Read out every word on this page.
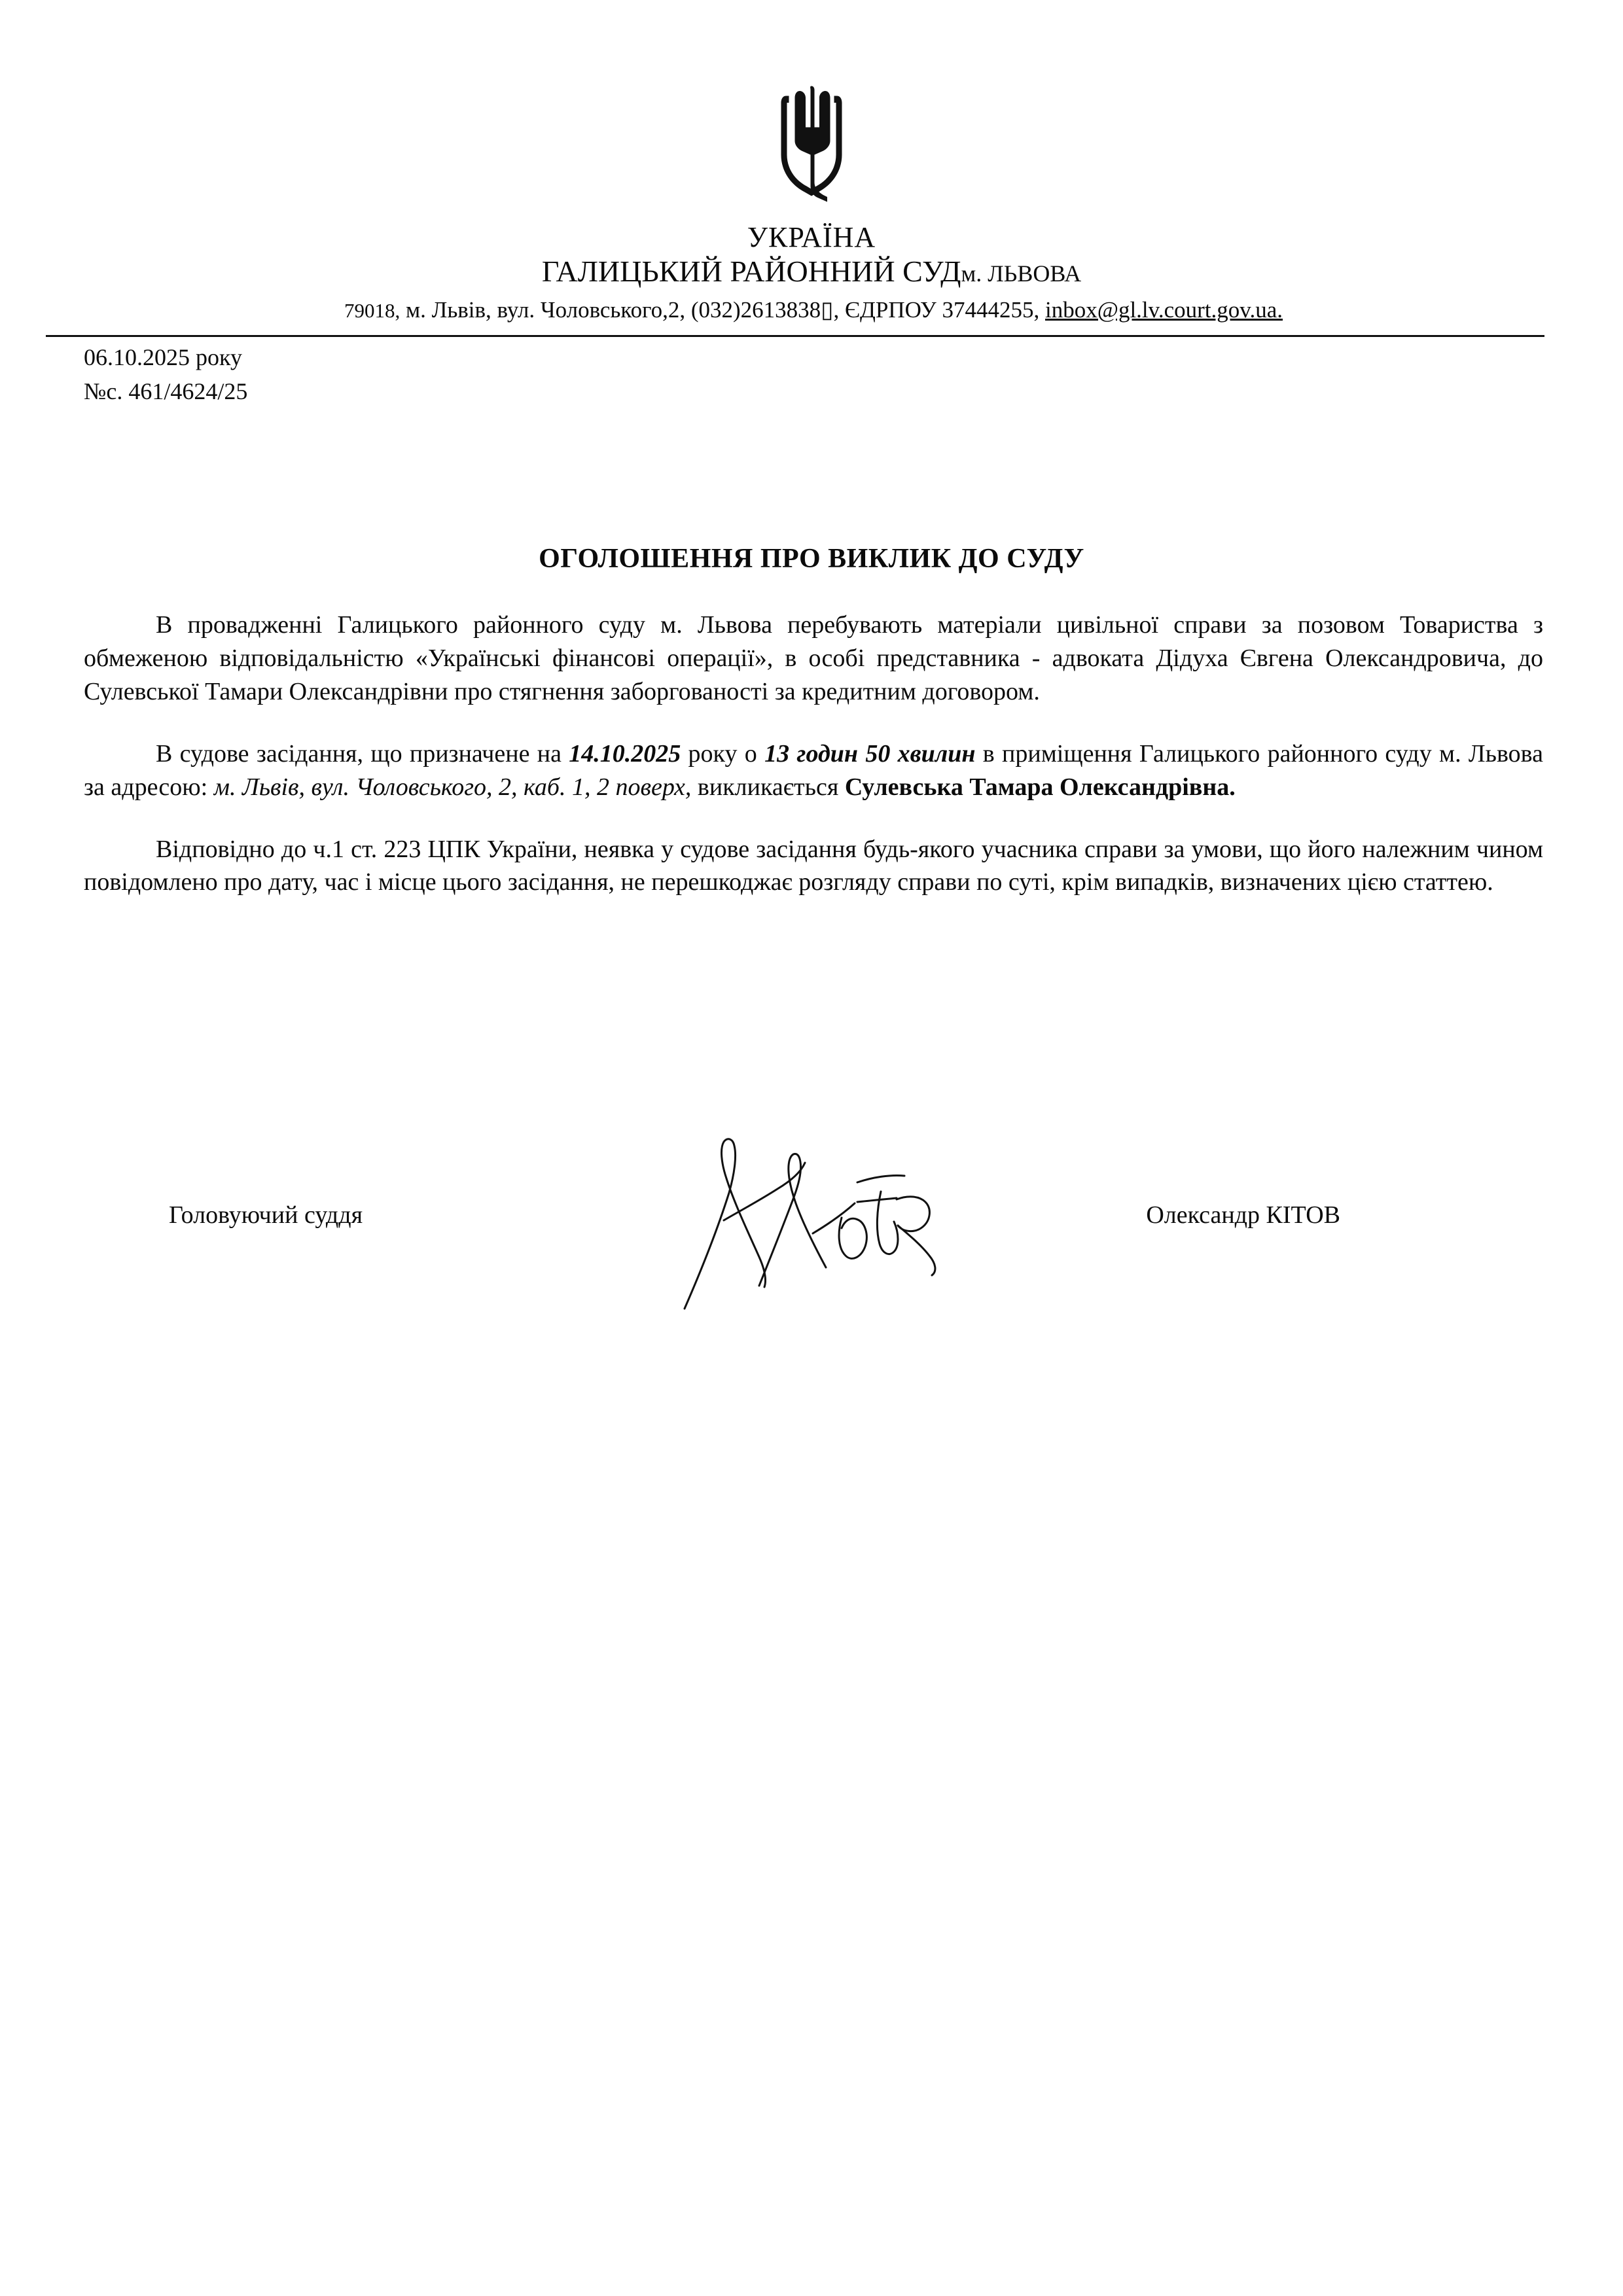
УКРАЇНА
ГАЛИЦЬКИЙ РАЙОННИЙ СУДм. ЛЬВОВА
79018, м. Львів, вул. Чоловського,2, (032)2613838▯, ЄДРПОУ 37444255, inbox@gl.lv.court.gov.ua.
06.10.2025 року
№с. 461/4624/25
ОГОЛОШЕННЯ ПРО ВИКЛИК ДО СУДУ

В провадженні Галицького районного суду м. Львова перебувають матеріали цивільної справи за позовом Товариства з обмеженою відповідальністю «Українські фінансові операції», в особі представника - адвоката Дідуха Євгена Олександровича, до Сулевської Тамари Олександрівни про стягнення заборгованості за кредитним договором.

В судове засідання, що призначене на 14.10.2025 року о 13 годин 50 хвилин в приміщення Галицького районного суду м. Львова за адресою: м. Львів, вул. Чоловського, 2, каб. 1, 2 поверх, викликається Сулевська Тамара Олександрівна.

Відповідно до ч.1 ст. 223 ЦПК України, неявка у судове засідання будь-якого учасника справи за умови, що його належним чином повідомлено про дату, час і місце цього засідання, не перешкоджає розгляду справи по суті, крім випадків, визначених цією статтею.

Головуючий суддя	Олександр КІТОВ
